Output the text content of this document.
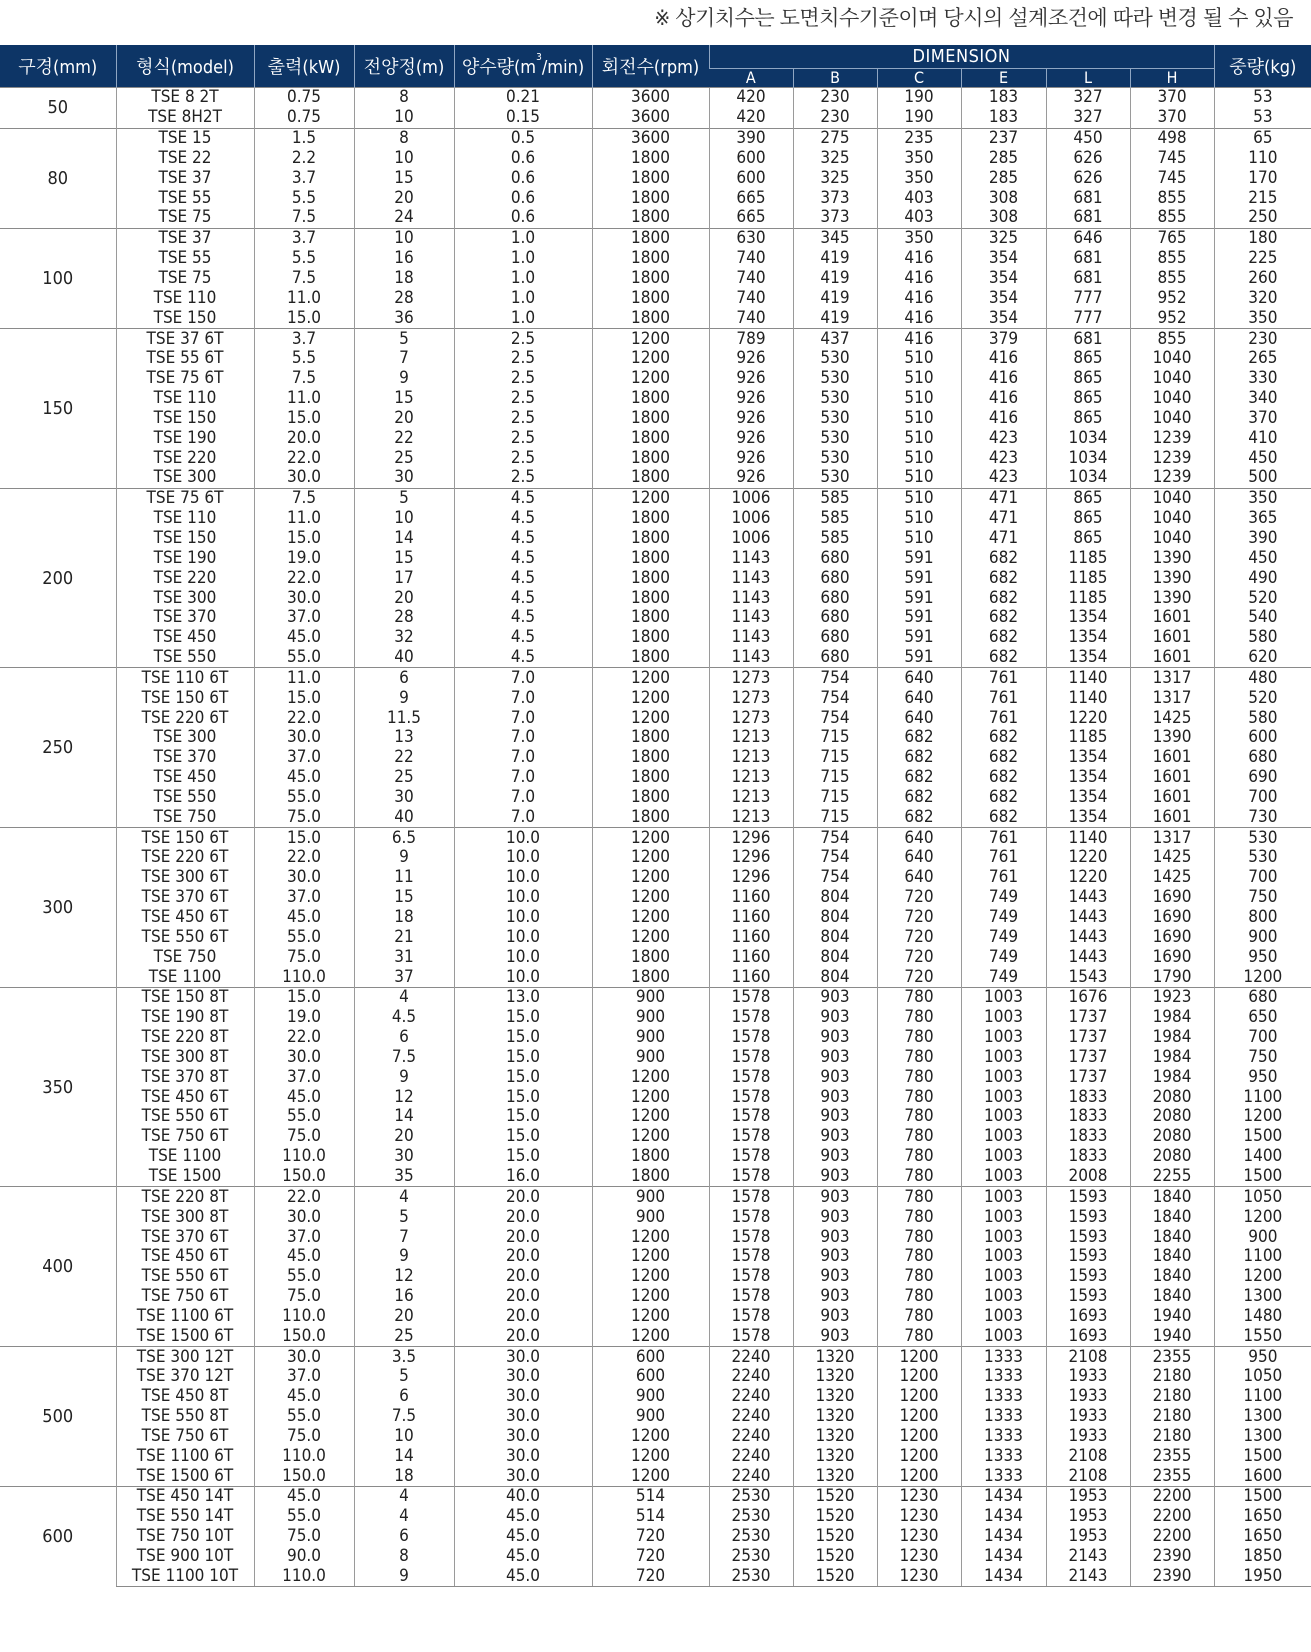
※ 상기치수는 도면치수기준이며 당시의 설계조건에 따라 변경 될 수 있음
구경(mm)	형식(model)	출력(kW)	전양정(m)	양수량$(m^3/\min)$	회전수(rpm)	DIMENSION						중량(kg)
						A	B	C	E	L	H	
50	TSE 8 2T	0.75	8	0.21	3600	420	230	190	183	327	370	53
	TSE 8H2T	0.75	10	0.15	3600	420	230	190	183	327	370	53
80	TSE 15	1.5	8	0.5	3600	390	275	235	237	450	498	65
	TSE 22	2.2	10	0.6	1800	600	325	350	285	626	745	110
	TSE 37	3.7	15	0.6	1800	600	325	350	285	626	745	170
	TSE 55	5.5	20	0.6	1800	665	373	403	308	681	855	215
	TSE 75	7.5	24	0.6	1800	665	373	403	308	681	855	250
100	TSE 37	3.7	10	1.0	1800	630	345	350	325	646	765	180
	TSE 55	5.5	16	1.0	1800	740	419	416	354	681	855	225
	TSE 75	7.5	18	1.0	1800	740	419	416	354	681	855	260
	TSE 110	11.0	28	1.0	1800	740	419	416	354	777	952	320
	TSE 150	15.0	36	1.0	1800	740	419	416	354	777	952	350
150	TSE 37 6T	3.7	5	2.5	1200	789	437	416	379	681	855	230
	TSE 55 6T	5.5	7	2.5	1200	926	530	510	416	865	1040	265
	TSE 75 6T	7.5	9	2.5	1200	926	530	510	416	865	1040	330
	TSE 110	11.0	15	2.5	1800	926	530	510	416	865	1040	340
	TSE 150	15.0	20	2.5	1800	926	530	510	416	865	1040	370
	TSE 190	20.0	22	2.5	1800	926	530	510	423	1034	1239	410
	TSE 220	22.0	25	2.5	1800	926	530	510	423	1034	1239	450
	TSE 300	30.0	30	2.5	1800	926	530	510	423	1034	1239	500
200	TSE 75 6T	7.5	5	4.5	1200	1006	585	510	471	865	1040	350
	TSE 110	11.0	10	4.5	1800	1006	585	510	471	865	1040	365
	TSE 150	15.0	14	4.5	1800	1006	585	510	471	865	1040	390
	TSE 190	19.0	15	4.5	1800	1143	680	591	682	1185	1390	450
	TSE 220	22.0	17	4.5	1800	1143	680	591	682	1185	1390	490
	TSE 300	30.0	20	4.5	1800	1143	680	591	682	1185	1390	520
	TSE 370	37.0	28	4.5	1800	1143	680	591	682	1354	1601	540
	TSE 450	45.0	32	4.5	1800	1143	680	591	682	1354	1601	580
	TSE 550	55.0	40	4.5	1800	1143	680	591	682	1354	1601	620
250	TSE 110 6T	11.0	6	7.0	1200	1273	754	640	761	1140	1317	480
	TSE 150 6T	15.0	9	7.0	1200	1273	754	640	761	1140	1317	520
	TSE 220 6T	22.0	11.5	7.0	1200	1273	754	640	761	1220	1425	580
	TSE 300	30.0	13	7.0	1800	1213	715	682	682	1185	1390	600
	TSE 370	37.0	22	7.0	1800	1213	715	682	682	1354	1601	680
	TSE 450	45.0	25	7.0	1800	1213	715	682	682	1354	1601	690
	TSE 550	55.0	30	7.0	1800	1213	715	682	682	1354	1601	700
	TSE 750	75.0	40	7.0	1800	1213	715	682	682	1354	1601	730
300	TSE 150 6T	15.0	6.5	10.0	1200	1296	754	640	761	1140	1317	530
	TSE 220 6T	22.0	9	10.0	1200	1296	754	640	761	1220	1425	530
	TSE 300 6T	30.0	11	10.0	1200	1296	754	640	761	1220	1425	700
	TSE 370 6T	37.0	15	10.0	1200	1160	804	720	749	1443	1690	750
	TSE 450 6T	45.0	18	10.0	1200	1160	804	720	749	1443	1690	800
	TSE 550 6T	55.0	21	10.0	1200	1160	804	720	749	1443	1690	900
	TSE 750	75.0	31	10.0	1800	1160	804	720	749	1443	1690	950
	TSE 1100	110.0	37	10.0	1800	1160	804	720	749	1543	1790	1200
350	TSE 150 8T	15.0	4	13.0	900	1578	903	780	1003	1676	1923	680
	TSE 190 8T	19.0	4.5	15.0	900	1578	903	780	1003	1737	1984	650
	TSE 220 8T	22.0	6	15.0	900	1578	903	780	1003	1737	1984	700
	TSE 300 8T	30.0	7.5	15.0	900	1578	903	780	1003	1737	1984	750
	TSE 370 8T	37.0	9	15.0	1200	1578	903	780	1003	1737	1984	950
	TSE 450 6T	45.0	12	15.0	1200	1578	903	780	1003	1833	2080	1100
	TSE 550 6T	55.0	14	15.0	1200	1578	903	780	1003	1833	2080	1200
	TSE 750 6T	75.0	20	15.0	1200	1578	903	780	1003	1833	2080	1500
	TSE 1100	110.0	30	15.0	1800	1578	903	780	1003	1833	2080	1400
	TSE 1500	150.0	35	16.0	1800	1578	903	780	1003	2008	2255	1500
400	TSE 220 8T	22.0	4	20.0	900	1578	903	780	1003	1593	1840	1050
	TSE 300 8T	30.0	5	20.0	900	1578	903	780	1003	1593	1840	1200
	TSE 370 6T	37.0	7	20.0	1200	1578	903	780	1003	1593	1840	900
	TSE 450 6T	45.0	9	20.0	1200	1578	903	780	1003	1593	1840	1100
	TSE 550 6T	55.0	12	20.0	1200	1578	903	780	1003	1593	1840	1200
	TSE 750 6T	75.0	16	20.0	1200	1578	903	780	1003	1593	1840	1300
	TSE 1100 6T	110.0	20	20.0	1200	1578	903	780	1003	1693	1940	1480
	TSE 1500 6T	150.0	25	20.0	1200	1578	903	780	1003	1693	1940	1550
500	TSE 300 12T	30.0	3.5	30.0	600	2240	1320	1200	1333	2108	2355	950
	TSE 370 12T	37.0	5	30.0	600	2240	1320	1200	1333	1933	2180	1050
	TSE 450 8T	45.0	6	30.0	900	2240	1320	1200	1333	1933	2180	1100
	TSE 550 8T	55.0	7.5	30.0	900	2240	1320	1200	1333	1933	2180	1300
	TSE 750 6T	75.0	10	30.0	1200	2240	1320	1200	1333	1933	2180	1300
	TSE 1100 6T	110.0	14	30.0	1200	2240	1320	1200	1333	2108	2355	1500
	TSE 1500 6T	150.0	18	30.0	1200	2240	1320	1200	1333	2108	2355	1600
600	TSE 450 14T	45.0	4	40.0	514	2530	1520	1230	1434	1953	2200	1500
	TSE 550 14T	55.0	4	45.0	514	2530	1520	1230	1434	1953	2200	1650
	TSE 750 10T	75.0	6	45.0	720	2530	1520	1230	1434	1953	2200	1650
	TSE 900 10T	90.0	8	45.0	720	2530	1520	1230	1434	2143	2390	1850
	TSE 1100 10T	110.0	9	45.0	720	2530	1520	1230	1434	2143	2390	1950
